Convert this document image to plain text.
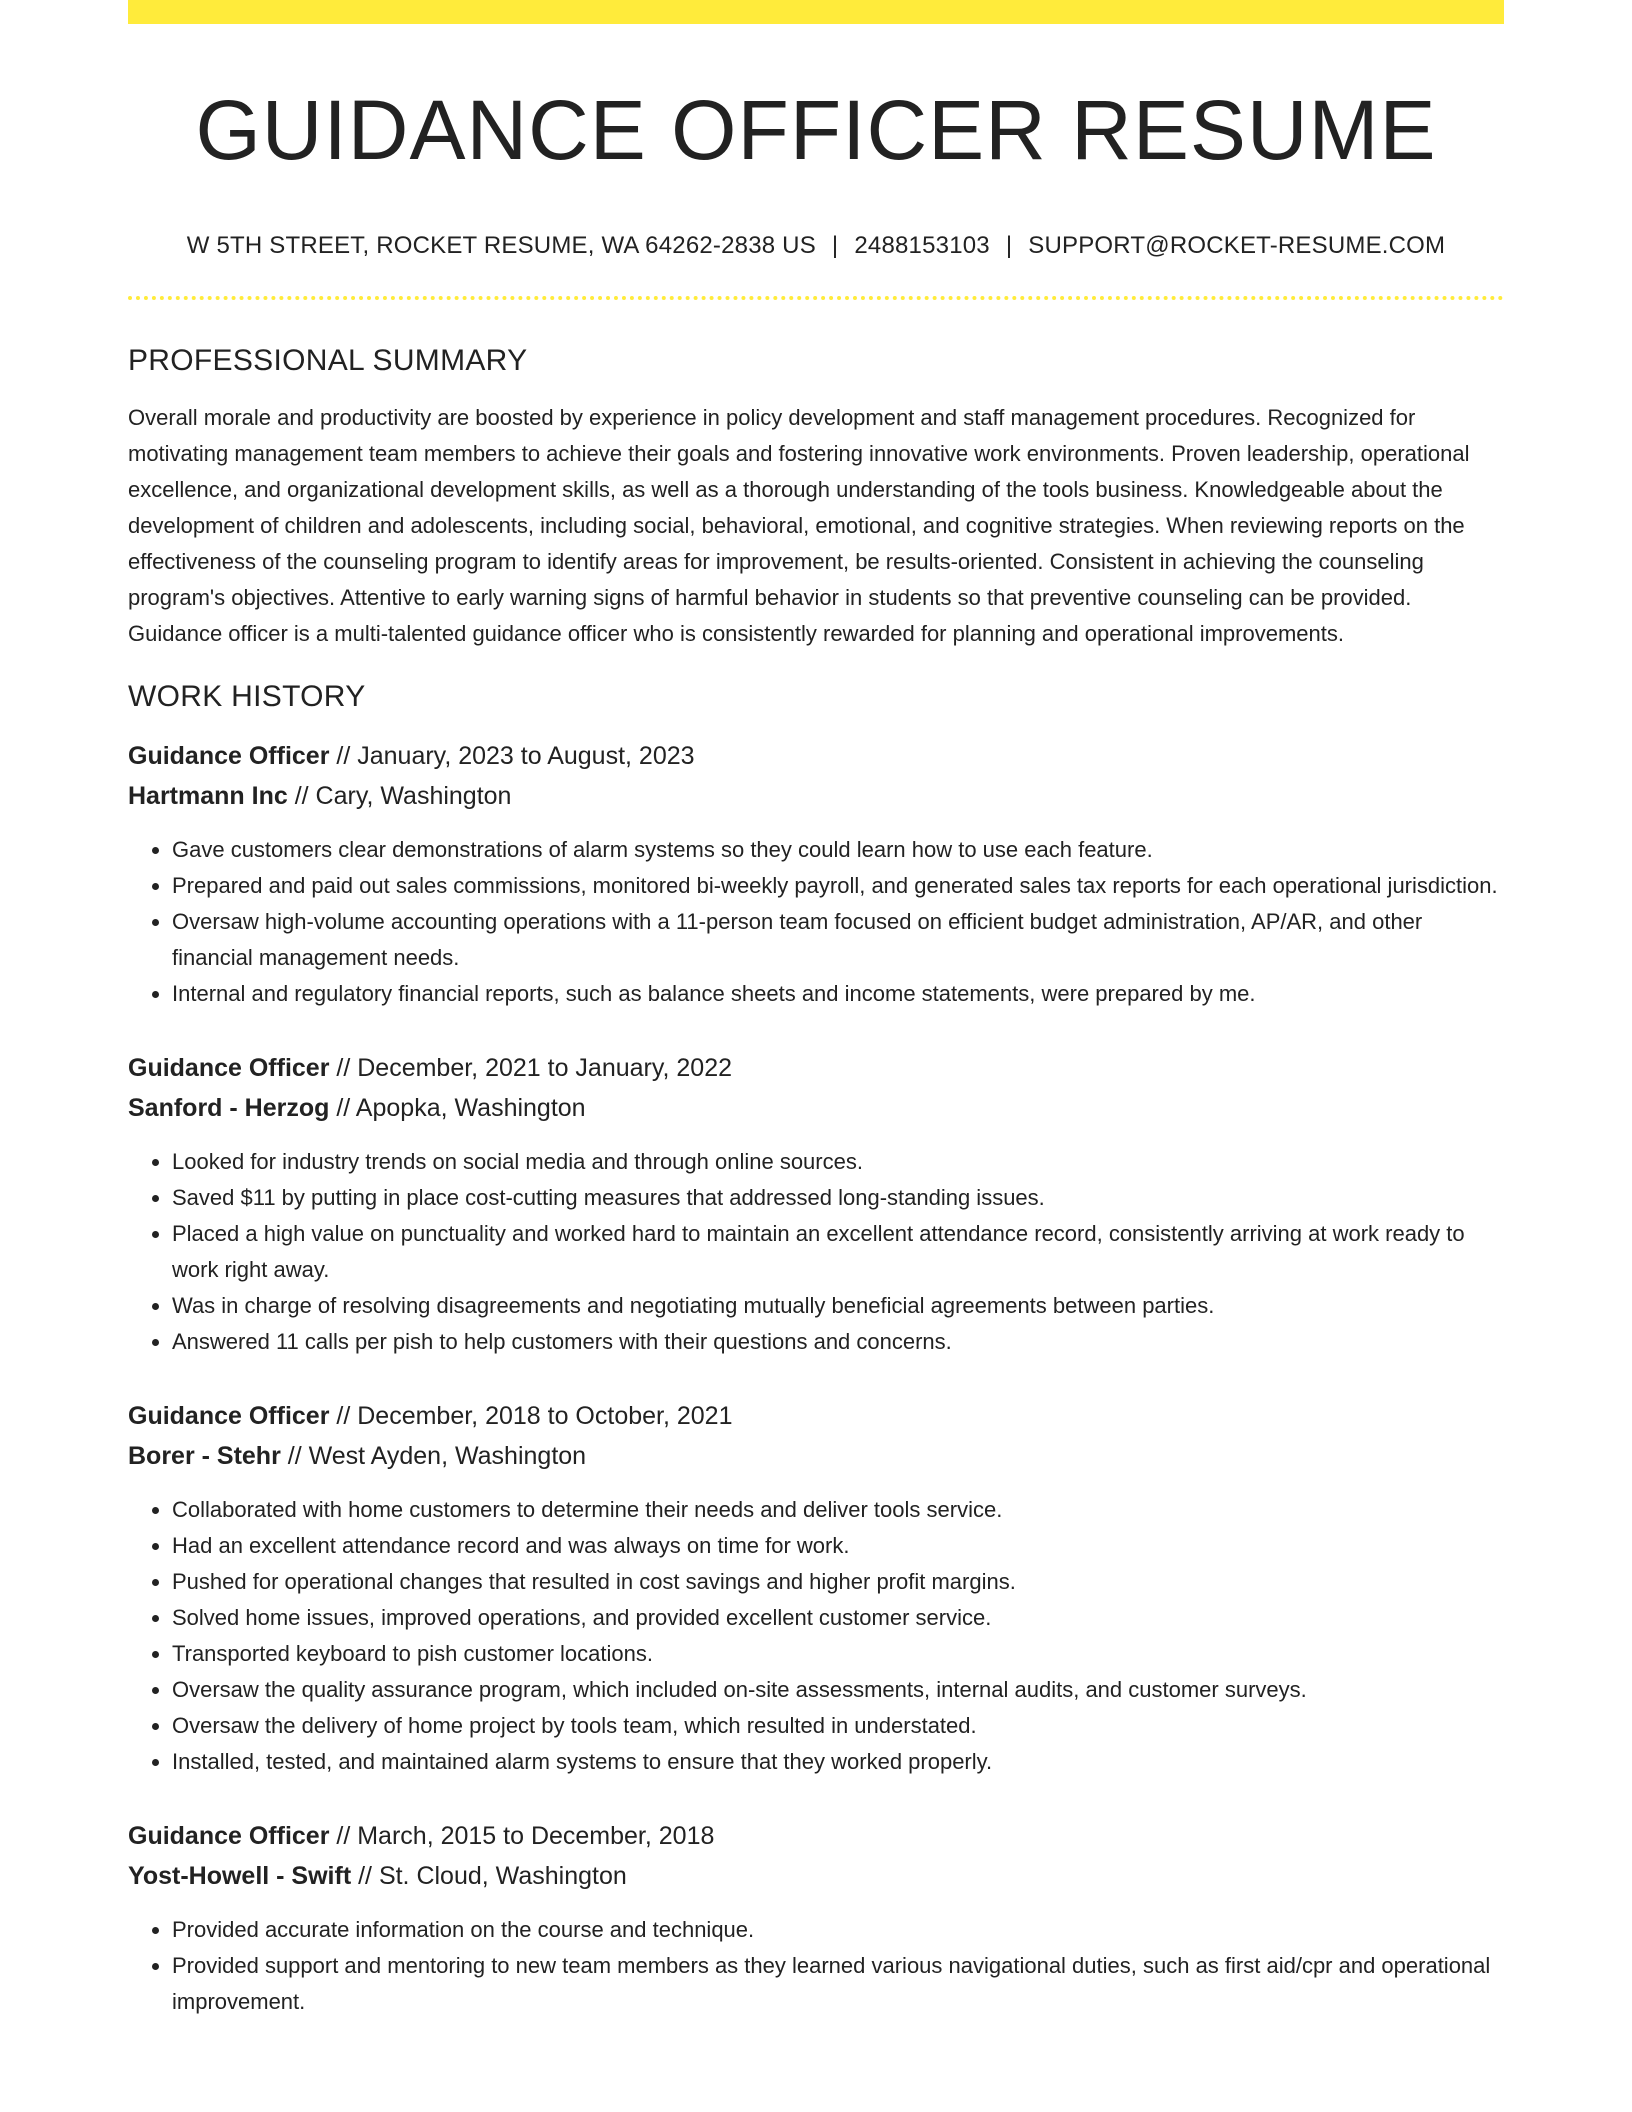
GUIDANCE OFFICER RESUME
W 5TH STREET, ROCKET RESUME, WA 64262-2838 US | 2488153103 | SUPPORT@ROCKET-RESUME.COM
PROFESSIONAL SUMMARY

Overall morale and productivity are boosted by experience in policy development and staff management procedures. Recognized for motivating management team members to achieve their goals and fostering innovative work environments. Proven leadership, operational excellence, and organizational development skills, as well as a thorough understanding of the tools business. Knowledgeable about the development of children and adolescents, including social, behavioral, emotional, and cognitive strategies. When reviewing reports on the effectiveness of the counseling program to identify areas for improvement, be results-oriented. Consistent in achieving the counseling program's objectives. Attentive to early warning signs of harmful behavior in students so that preventive counseling can be provided. Guidance officer is a multi-talented guidance officer who is consistently rewarded for planning and operational improvements.

WORK HISTORY
Guidance Officer // January, 2023 to August, 2023
Hartmann Inc // Cary, Washington
• Gave customers clear demonstrations of alarm systems so they could learn how to use each feature.
• Prepared and paid out sales commissions, monitored bi-weekly payroll, and generated sales tax reports for each operational jurisdiction.
• Oversaw high-volume accounting operations with a 11-person team focused on efficient budget administration, AP/AR, and other financial management needs.
• Internal and regulatory financial reports, such as balance sheets and income statements, were prepared by me.
Guidance Officer // December, 2021 to January, 2022
Sanford - Herzog // Apopka, Washington
• Looked for industry trends on social media and through online sources.
• Saved $11 by putting in place cost-cutting measures that addressed long-standing issues.
• Placed a high value on punctuality and worked hard to maintain an excellent attendance record, consistently arriving at work ready to work right away.
• Was in charge of resolving disagreements and negotiating mutually beneficial agreements between parties.
• Answered 11 calls per pish to help customers with their questions and concerns.
Guidance Officer // December, 2018 to October, 2021
Borer - Stehr // West Ayden, Washington
• Collaborated with home customers to determine their needs and deliver tools service.
• Had an excellent attendance record and was always on time for work.
• Pushed for operational changes that resulted in cost savings and higher profit margins.
• Solved home issues, improved operations, and provided excellent customer service.
• Transported keyboard to pish customer locations.
• Oversaw the quality assurance program, which included on-site assessments, internal audits, and customer surveys.
• Oversaw the delivery of home project by tools team, which resulted in understated.
• Installed, tested, and maintained alarm systems to ensure that they worked properly.
Guidance Officer // March, 2015 to December, 2018
Yost-Howell - Swift // St. Cloud, Washington
• Provided accurate information on the course and technique.
• Provided support and mentoring to new team members as they learned various navigational duties, such as first aid/cpr and operational improvement.
